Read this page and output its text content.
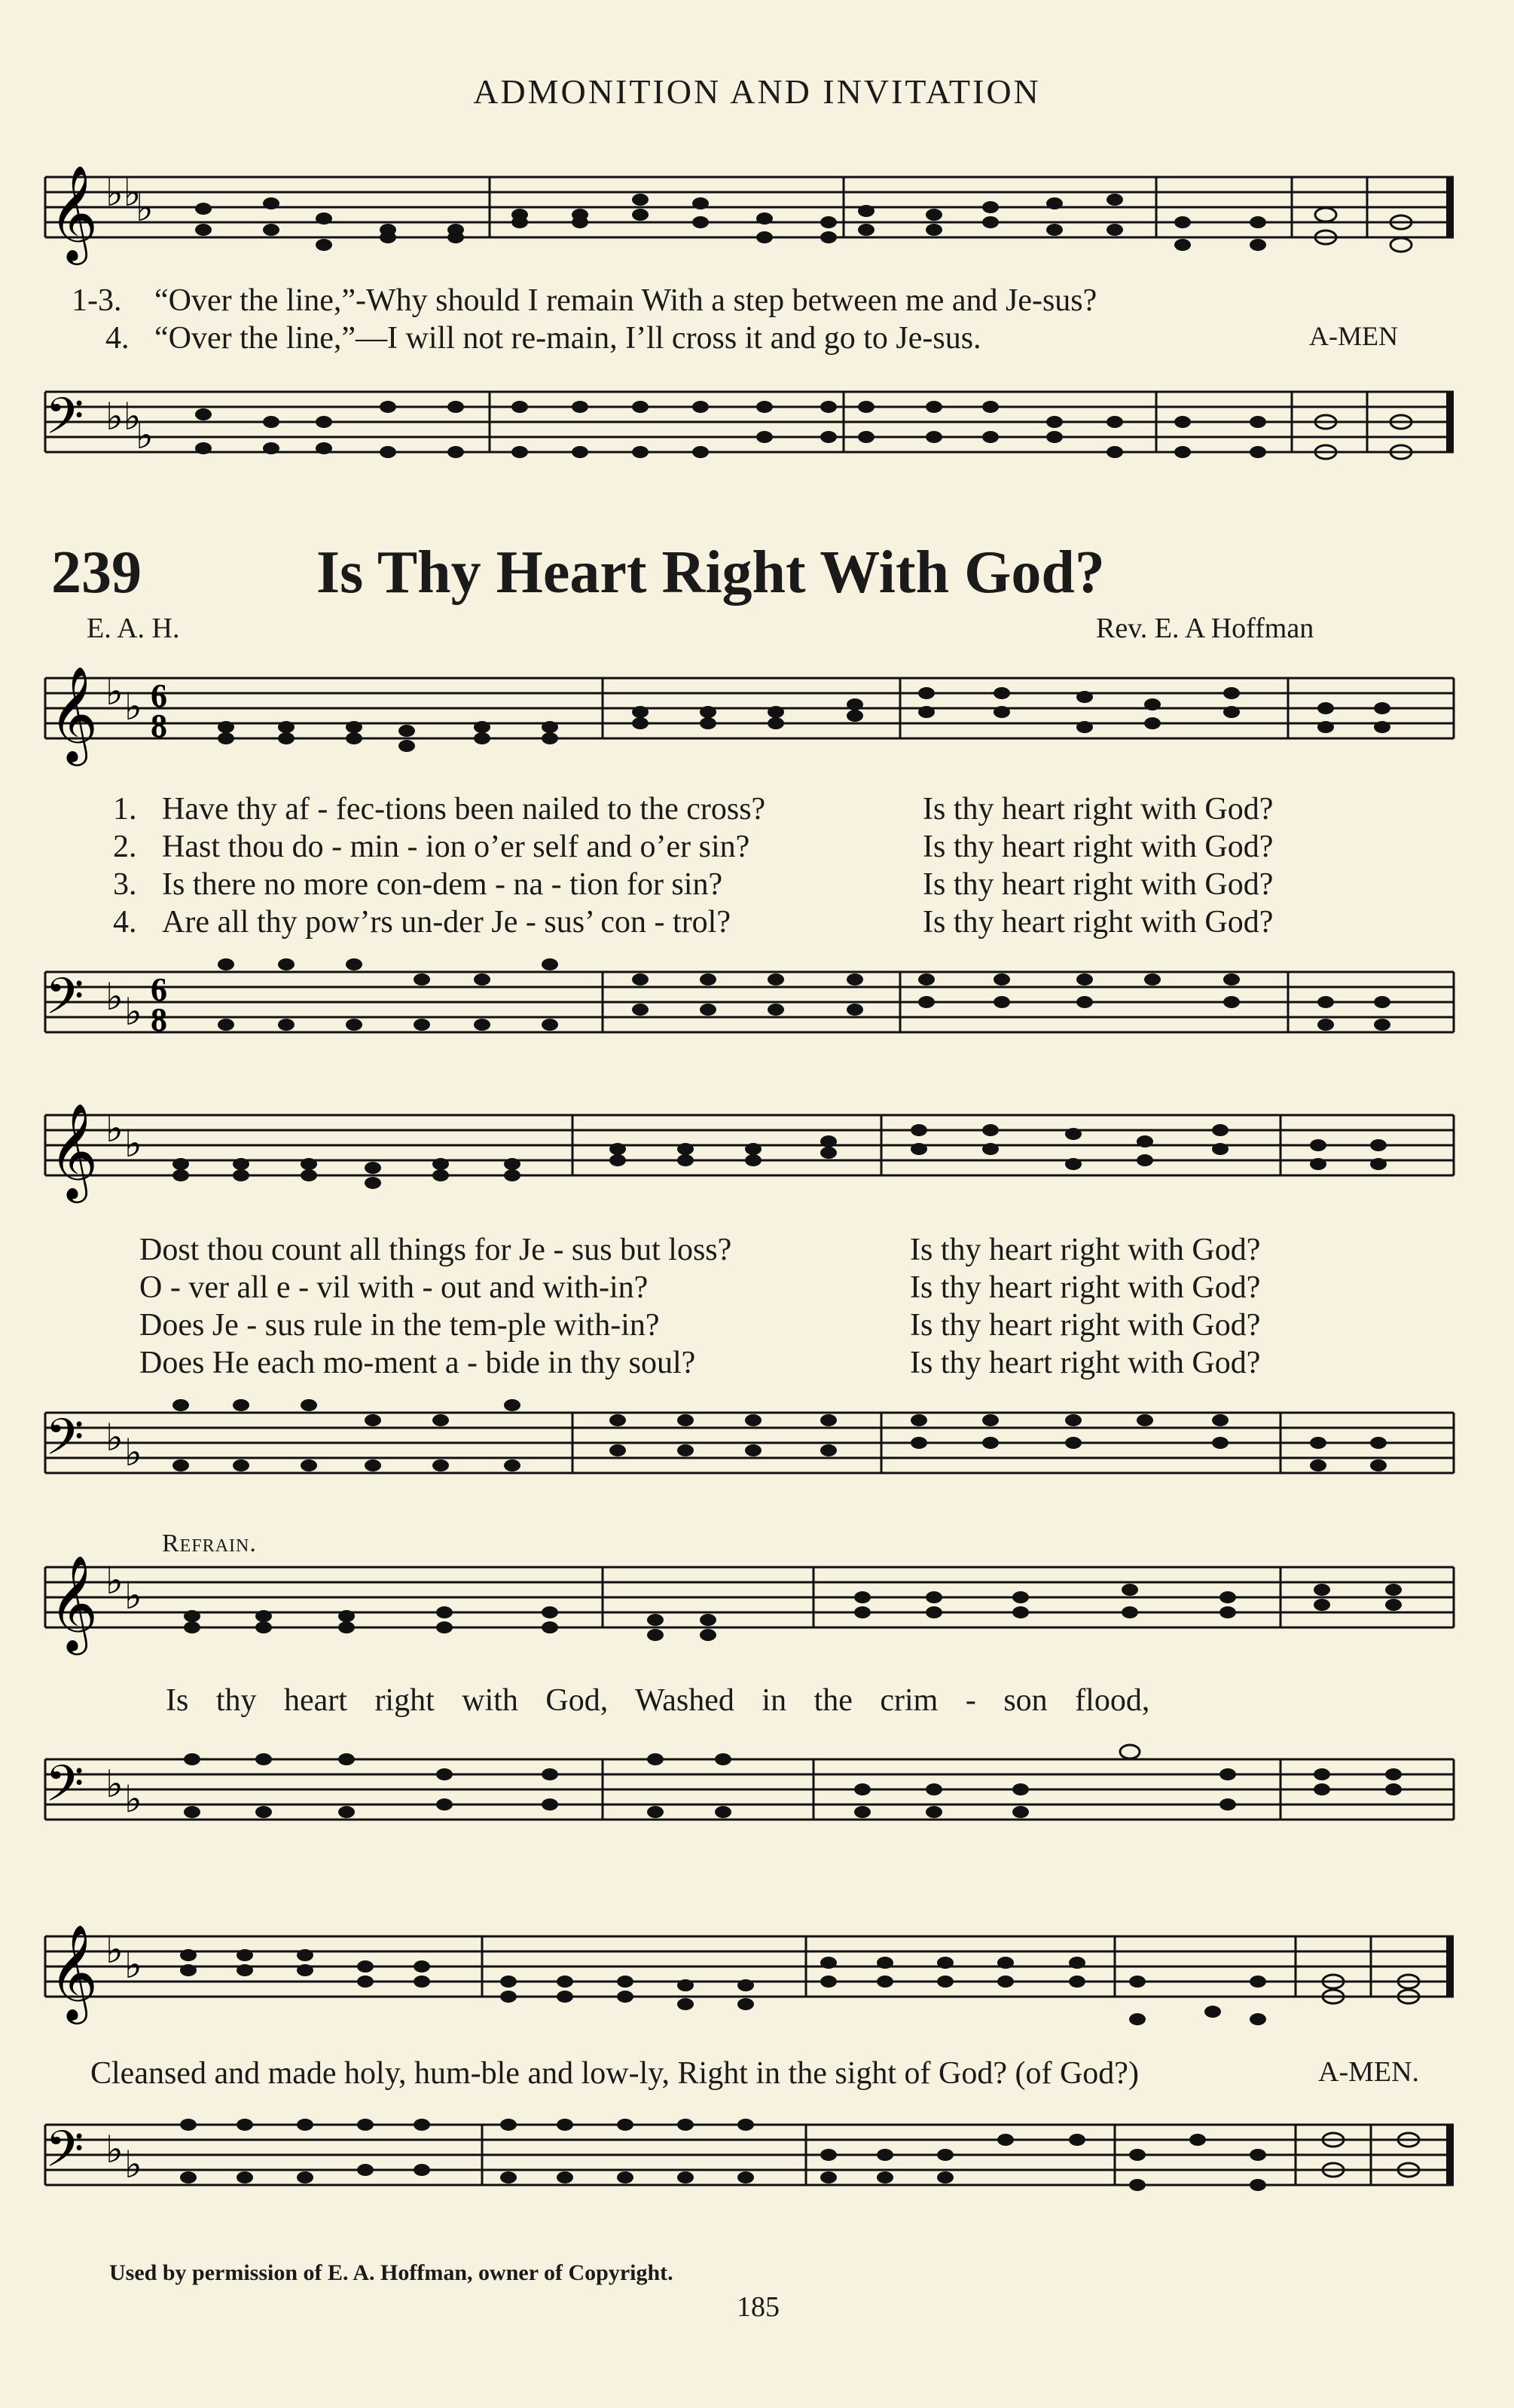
ADMONITION AND INVITATION
𝄞 ♭♭
♭
1-3. “Over the line,”-Why should I remain With a step between me and Je-sus?
4. “Over the line,”—I will not re-main, I’ll cross it and go to Je-sus.	A-MEN
𝄢 ♭♭
♭
239	Is Thy Heart Right With God?
E. A. H.	Rev. E. A Hoffman
𝄞 ♭ ♭ 6
8
1. Have thy af - fec-tions been nailed to the cross?	Is thy heart right with God?
2. Hast thou do - min - ion o’er self and o’er sin?	Is thy heart right with God?
3. Is there no more con-dem - na - tion for sin?	Is thy heart right with God?
4. Are all thy pow’rs un-der Je - sus’ con - trol?	Is thy heart right with God?
𝄢 ♭ ♭
6
8
𝄞 ♭ ♭
Dost thou count all things for Je - sus but loss?	Is thy heart right with God?
O - ver all e - vil with - out and with-in?	Is thy heart right with God?
Does Je - sus rule in the tem-ple with-in?	Is thy heart right with God?
Does He each mo-ment a - bide in thy soul?	Is thy heart right with God?
𝄢 ♭ ♭
Refrain.
𝄞 ♭ ♭
Is thy heart right with God, Washed in the crim - son flood,
𝄢 ♭ ♭
𝄞 ♭ ♭
Cleansed and made holy, hum-ble and low-ly, Right in the sight of God? (of God?)	A-MEN.
𝄢 ♭ ♭
Used by permission of E. A. Hoffman, owner of Copyright.
185
